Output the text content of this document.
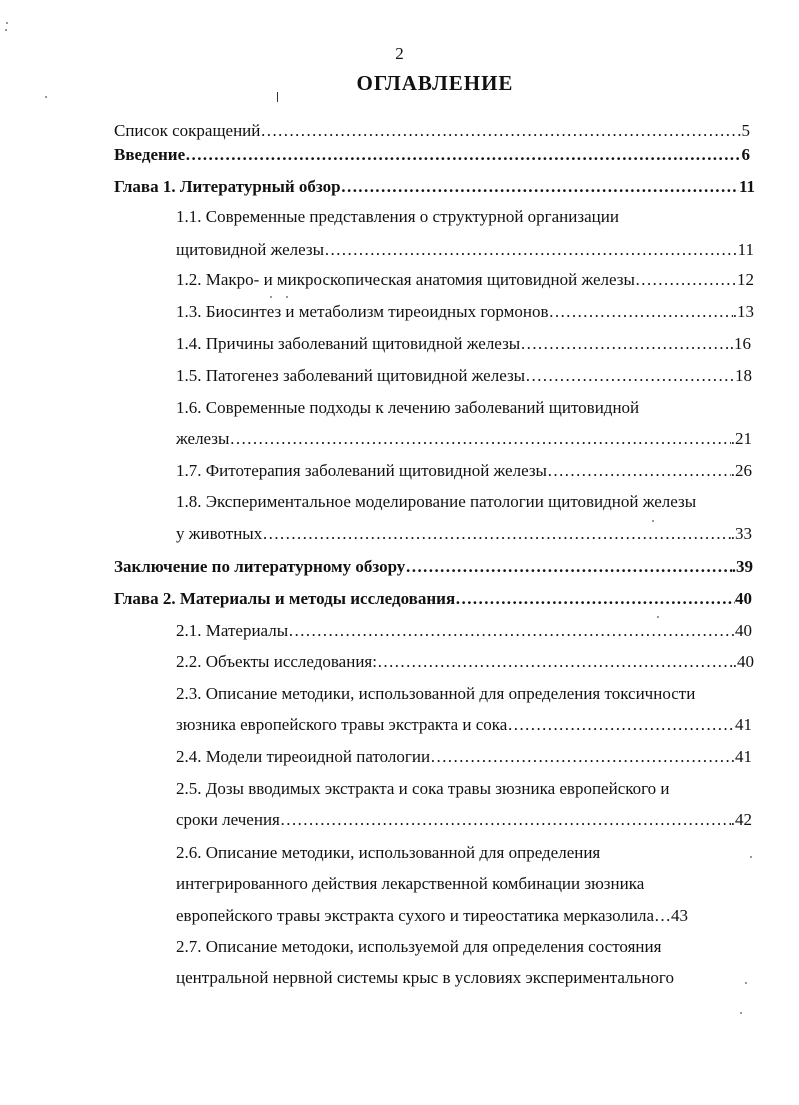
2
ОГЛАВЛЕНИЕ
Список сокращений ……………………………………………………………………………………………………………………………………………………………………	.5
Введение ……………………………………………………………………………………………………………………………………………………………………	6
Глава 1. Литературный обзор ……………………………………………………………………………………………………………………………………………………………………	11
1.1. Современные представления о структурной организации
щитовидной железы ……………………………………………………………………………………………………………………………………………………………………	11
1.2. Макро- и микроскопическая анатомия щитовидной железы ……………………………………………………………………………………………………………………………………………………………………	12
1.3. Биосинтез и метаболизм тиреоидных гормонов ……………………………………………………………………………………………………………………………………………………………………	.13
1.4. Причины заболеваний щитовидной железы ……………………………………………………………………………………………………………………………………………………………………	.16
1.5. Патогенез заболеваний щитовидной железы ……………………………………………………………………………………………………………………………………………………………………	18
1.6. Современные подходы к лечению заболеваний щитовидной
железы ……………………………………………………………………………………………………………………………………………………………………	.21
1.7. Фитотерапия заболеваний щитовидной железы ……………………………………………………………………………………………………………………………………………………………………	.26
1.8. Экспериментальное моделирование патологии щитовидной железы
у животных ……………………………………………………………………………………………………………………………………………………………………	.33
Заключение по литературному обзору ……………………………………………………………………………………………………………………………………………………………………	.39
Глава 2. Материалы и методы исследования ……………………………………………………………………………………………………………………………………………………………………	40
2.1. Материалы ……………………………………………………………………………………………………………………………………………………………………	40
2.2. Объекты исследования: ……………………………………………………………………………………………………………………………………………………………………	.40
2.3. Описание методики, использованной для определения токсичности
зюзника европейского травы экстракта и сока ……………………………………………………………………………………………………………………………………………………………………	41
2.4. Модели тиреоидной патологии ……………………………………………………………………………………………………………………………………………………………………	.41
2.5. Дозы вводимых экстракта и сока травы зюзника европейского и
сроки лечения ……………………………………………………………………………………………………………………………………………………………………	.42
2.6. Описание методики, использованной для определения
интегрированного действия лекарственной комбинации зюзника
европейского травы экстракта сухого и тиреостатика мерказолила …43
2.7. Описание методоки, используемой для определения состояния
центральной нервной системы крыс в условиях экспериментального
